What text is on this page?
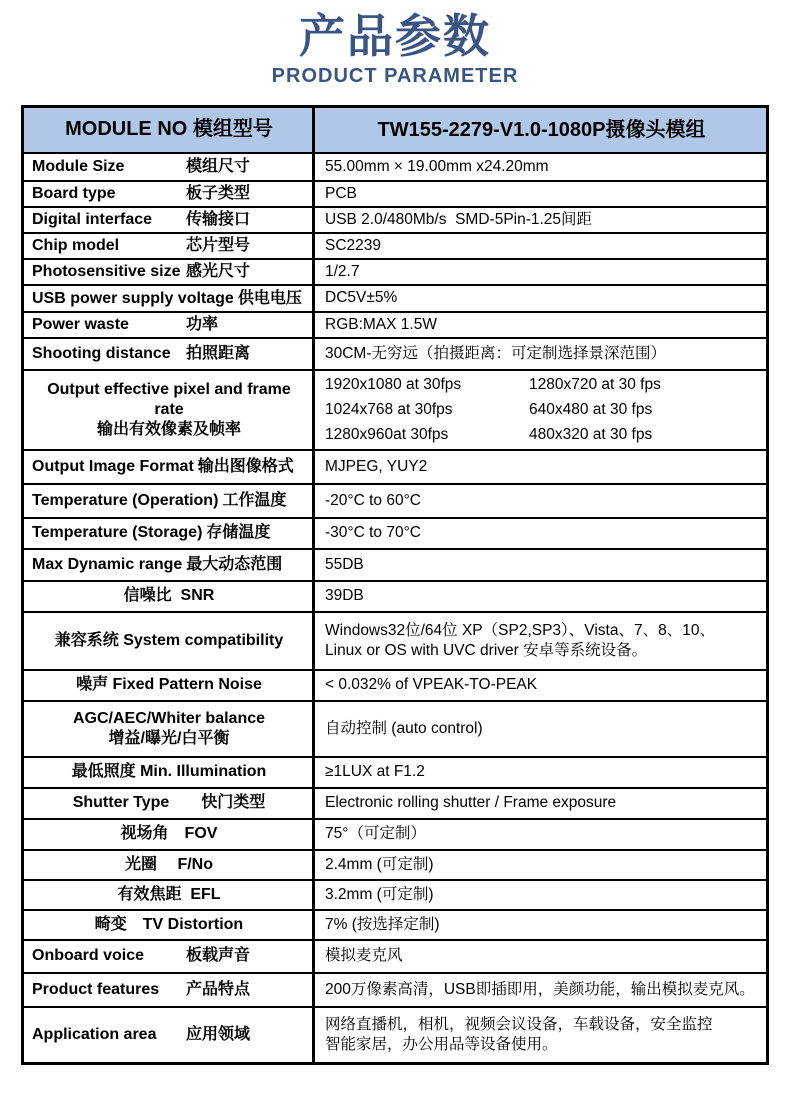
产品参数
PRODUCT PARAMETER
MODULE NO 模组型号	TW155-2279-V1.0-1080P摄像头模组
Module Size	模组尺寸	55.00mm × 19.00mm x24.20mm
Board type	板子类型	PCB
Digital interface	传输接口	USB 2.0/480Mb/s  SMD-5Pin-1.25间距
Chip model	芯片型号	SC2239
Photosensitive size 感光尺寸	1/2.7
USB power supply voltage 供电电压 DC5V±5%
Power waste	功率	RGB:MAX 1.5W
Shooting distance 拍照距离	30CM-无穷远（拍摄距离：可定制选择景深范围）
Output effective pixel and frame rate
输出有效像素及帧率
1920x1080 at 30fps	1280x720 at 30 fps
1024x768 at 30fps	640x480 at 30 fps
1280x960at 30fps	480x320 at 30 fps
Output Image Format 输出图像格式 MJPEG, YUY2
Temperature (Operation) 工作温度 -20°C to 60°C
Temperature (Storage) 存储温度	-30°C to 70°C
Max Dynamic range 最大动态范围	55DB
信噪比  SNR	39DB
兼容系统 System compatibility
Windows32位/64位 XP（SP2,SP3）、Vista、7、8、10、
Linux or OS with UVC driver 安卓等系统设备。
噪声 Fixed Pattern Noise	< 0.032% of VPEAK-TO-PEAK
AGC/AEC/Whiter balance
增益/曝光/白平衡
自动控制 (auto control)
最低照度 Min. Illumination	≥1LUX at F1.2
Shutter Type　　快门类型	Electronic rolling shutter / Frame exposure
视场角　FOV	75°（可定制）
光圈　 F/No	2.4mm (可定制)
有效焦距  EFL	3.2mm (可定制)
畸变　TV Distortion	7% (按选择定制)
Onboard voice	板载声音	模拟麦克风
Product features	产品特点	200万像素高清，USB即插即用，美颜功能，输出模拟麦克风。
Application area	应用领域
网络直播机，相机，视频会议设备，车载设备，安全监控
智能家居，办公用品等设备使用。
